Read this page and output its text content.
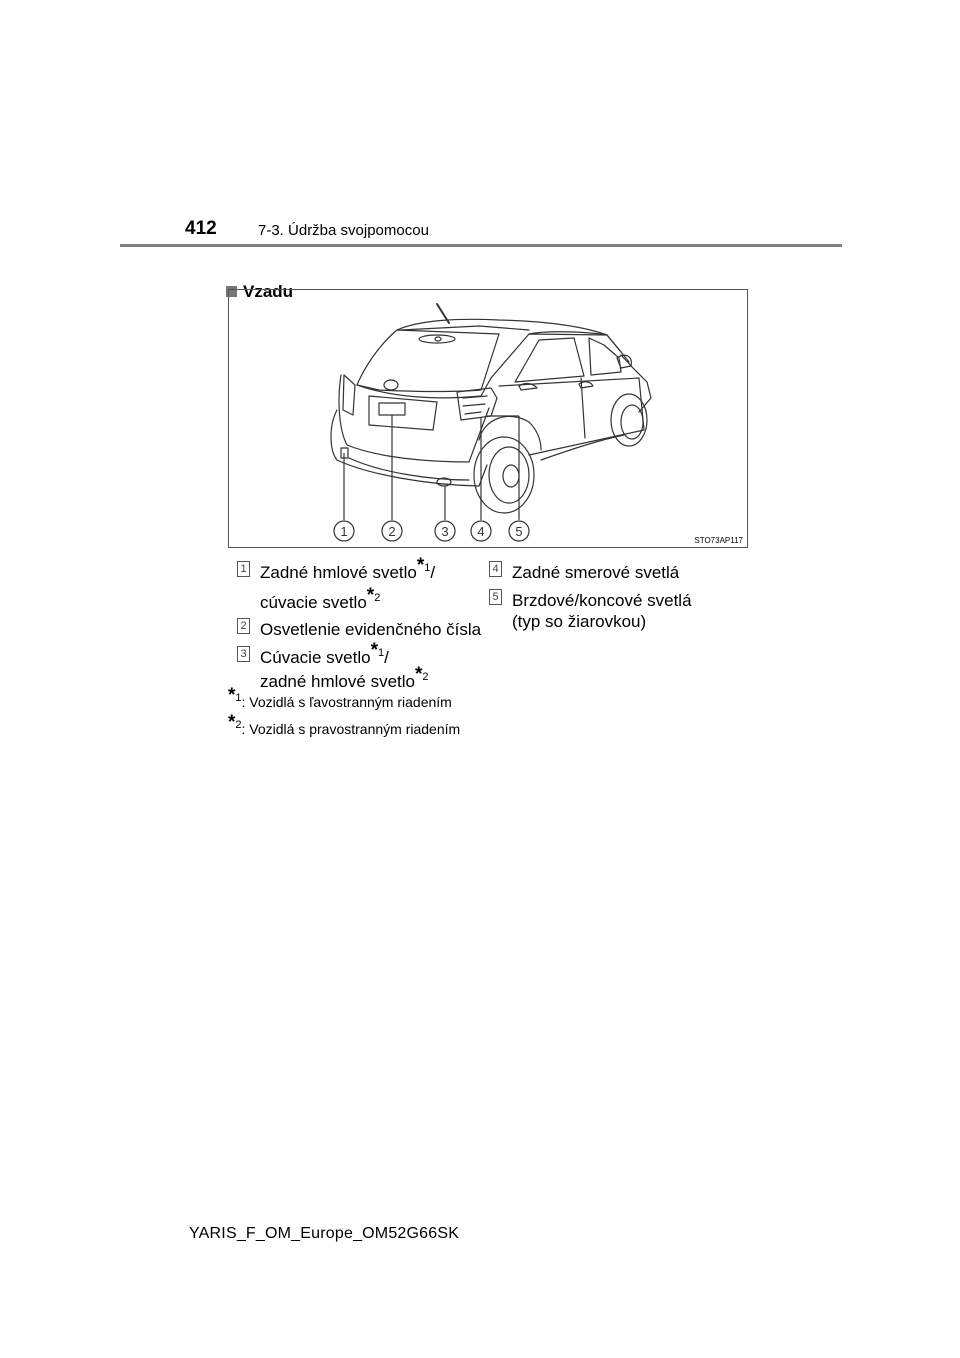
412	7-3. Údržba svojpomocou
Vzadu
1	2	3 4 5
STO73AP117
1 Zadné hmlové svetlo$^{*1}$/
cúvacie svetlo$^{*2}$
2 Osvetlenie evidenčného čísla
3 Cúvacie svetlo$^{*1}$/
zadné hmlové svetlo$^{*2}$
4 Zadné smerové svetlá
5 Brzdové/koncové svetlá
(typ so žiarovkou)
$^{*1}$: Vozidlá s ľavostranným riadením
$^{*2}$: Vozidlá s pravostranným riadením
YARIS_F_OM_Europe_OM52G66SK
